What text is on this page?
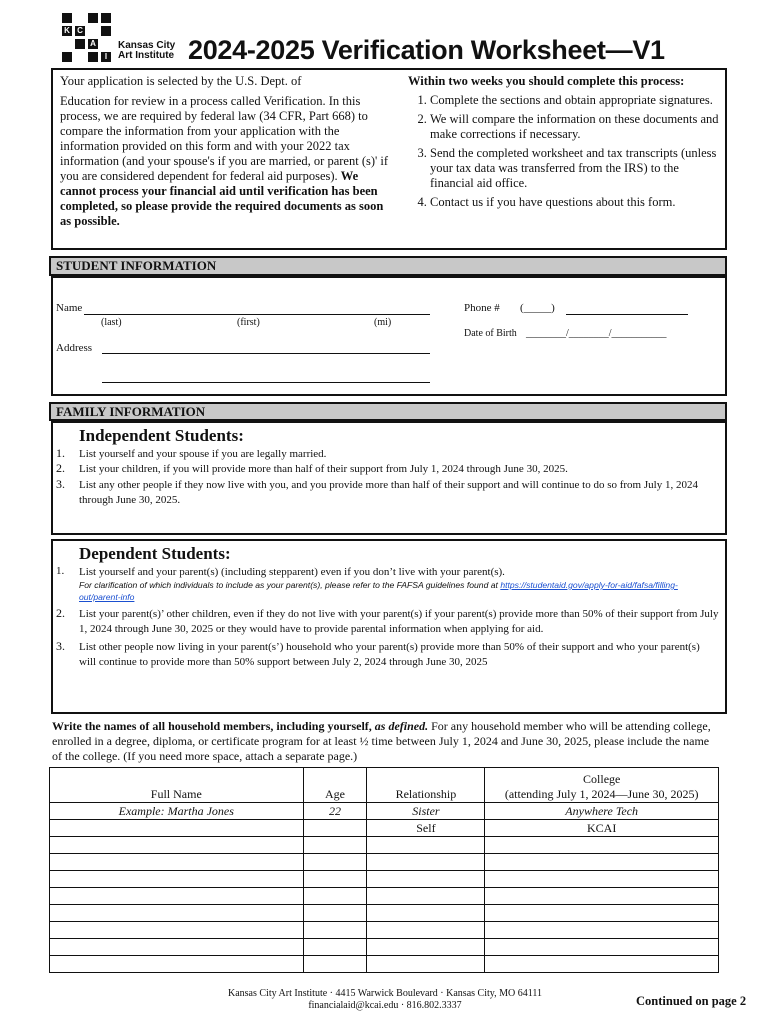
K C
A
I
Kansas City
Art Institute 2024-2025 Verification Worksheet—V1
Your application is selected by the U.S. Dept. of
Education for review in a process called Verification. In this process, we are required by federal law (34 CFR, Part 668) to compare the information from your application with the information provided on this form and with your 2022 tax information (and your spouse's if you are married, or parent (s)' if you are considered dependent for federal aid purposes). We cannot process your financial aid until verification has been completed, so please provide the required documents as soon as possible.
Within two weeks you should complete this process:
1. Complete the sections and obtain appropriate signatures.
2. We will compare the information on these documents and make corrections if necessary.
3. Send the completed worksheet and tax transcripts (unless your tax data was transferred from the IRS) to the financial aid office.
4. Contact us if you have questions about this form.
STUDENT INFORMATION
Name
(last)	(first)	(mi)
Phone # (_____)
Date of Birth ________/________/___________
Address
FAMILY INFORMATION
Independent Students:
1. List yourself and your spouse if you are legally married.
2. List your children, if you will provide more than half of their support from July 1, 2024 through June 30, 2025.
3. List any other people if they now live with you, and you provide more than half of their support and will continue to do so from July 1, 2024 through June 30, 2025.
Dependent Students:
1. List yourself and your parent(s) (including stepparent) even if you don’t live with your parent(s).
For clarification of which individuals to include as your parent(s), please refer to the FAFSA guidelines found at https://studentaid.gov/apply-for-aid/fafsa/filling-out/parent-info
2. List your parent(s)’ other children, even if they do not live with your parent(s) if your parent(s) provide more than 50% of their support from July 1, 2024 through June 30, 2025 or they would have to provide parental information when applying for aid.
3. List other people now living in your parent(s’) household who your parent(s) provide more than 50% of their support and who your parent(s) will continue to provide more than 50% support between July 2, 2024 through June 30, 2025
Write the names of all household members, including yourself, as defined. For any household member who will be attending college, enrolled in a degree, diploma, or certificate program for at least ½ time between July 1, 2024 and June 30, 2025, please include the name of the college. (If you need more space, attach a separate page.)
Full Name	Age	Relationship	College
(attending July 1, 2024—June 30, 2025)

Example: Martha Jones	22	Sister	Anywhere Tech
		Self	KCAI

Kansas City Art Institute · 4415 Warwick Boulevard · Kansas City, MO 64111
financialaid@kcai.edu · 816.802.3337	Continued on page 2
